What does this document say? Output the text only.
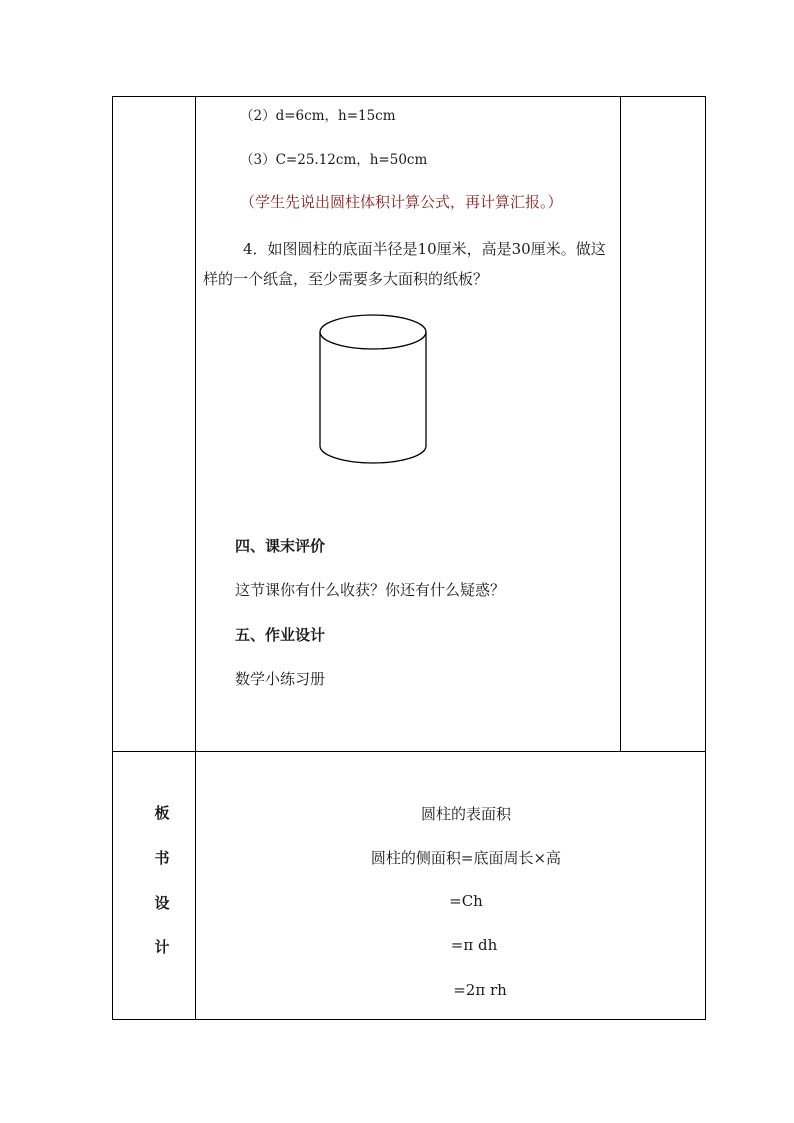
（2）d=6cm，h=15cm
（3）C=25.12cm，h=50cm
（学生先说出圆柱体积计算公式，再计算汇报。）
4．如图圆柱的底面半径是10厘米，高是30厘米。做这
样的一个纸盒，至少需要多大面积的纸板？
四、课末评价
这节课你有什么收获？你还有什么疑惑？
五、作业设计
数学小练习册
板
书
设
计
圆柱的表面积
圆柱的侧面积=底面周长×高
=Ch
=π dh
=2π rh
